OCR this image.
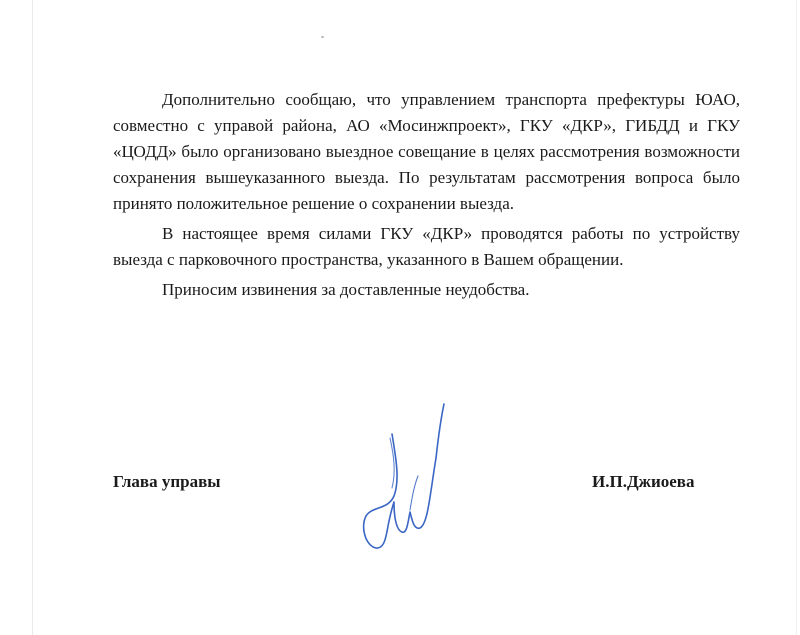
Дополнительно сообщаю, что управлением транспорта префектуры ЮАО, совместно с управой района, АО «Мосинжпроект», ГКУ «ДКР», ГИБДД и ГКУ «ЦОДД» было организовано выездное совещание в целях рассмотрения возможности сохранения вышеуказанного выезда. По результатам рассмотрения вопроса было принято положительное решение о сохранении выезда.

В настоящее время силами ГКУ «ДКР» проводятся работы по устройству выезда с парковочного пространства, указанного в Вашем обращении.

Приносим извинения за доставленные неудобства.

Глава управы	И.П.Джиоева
